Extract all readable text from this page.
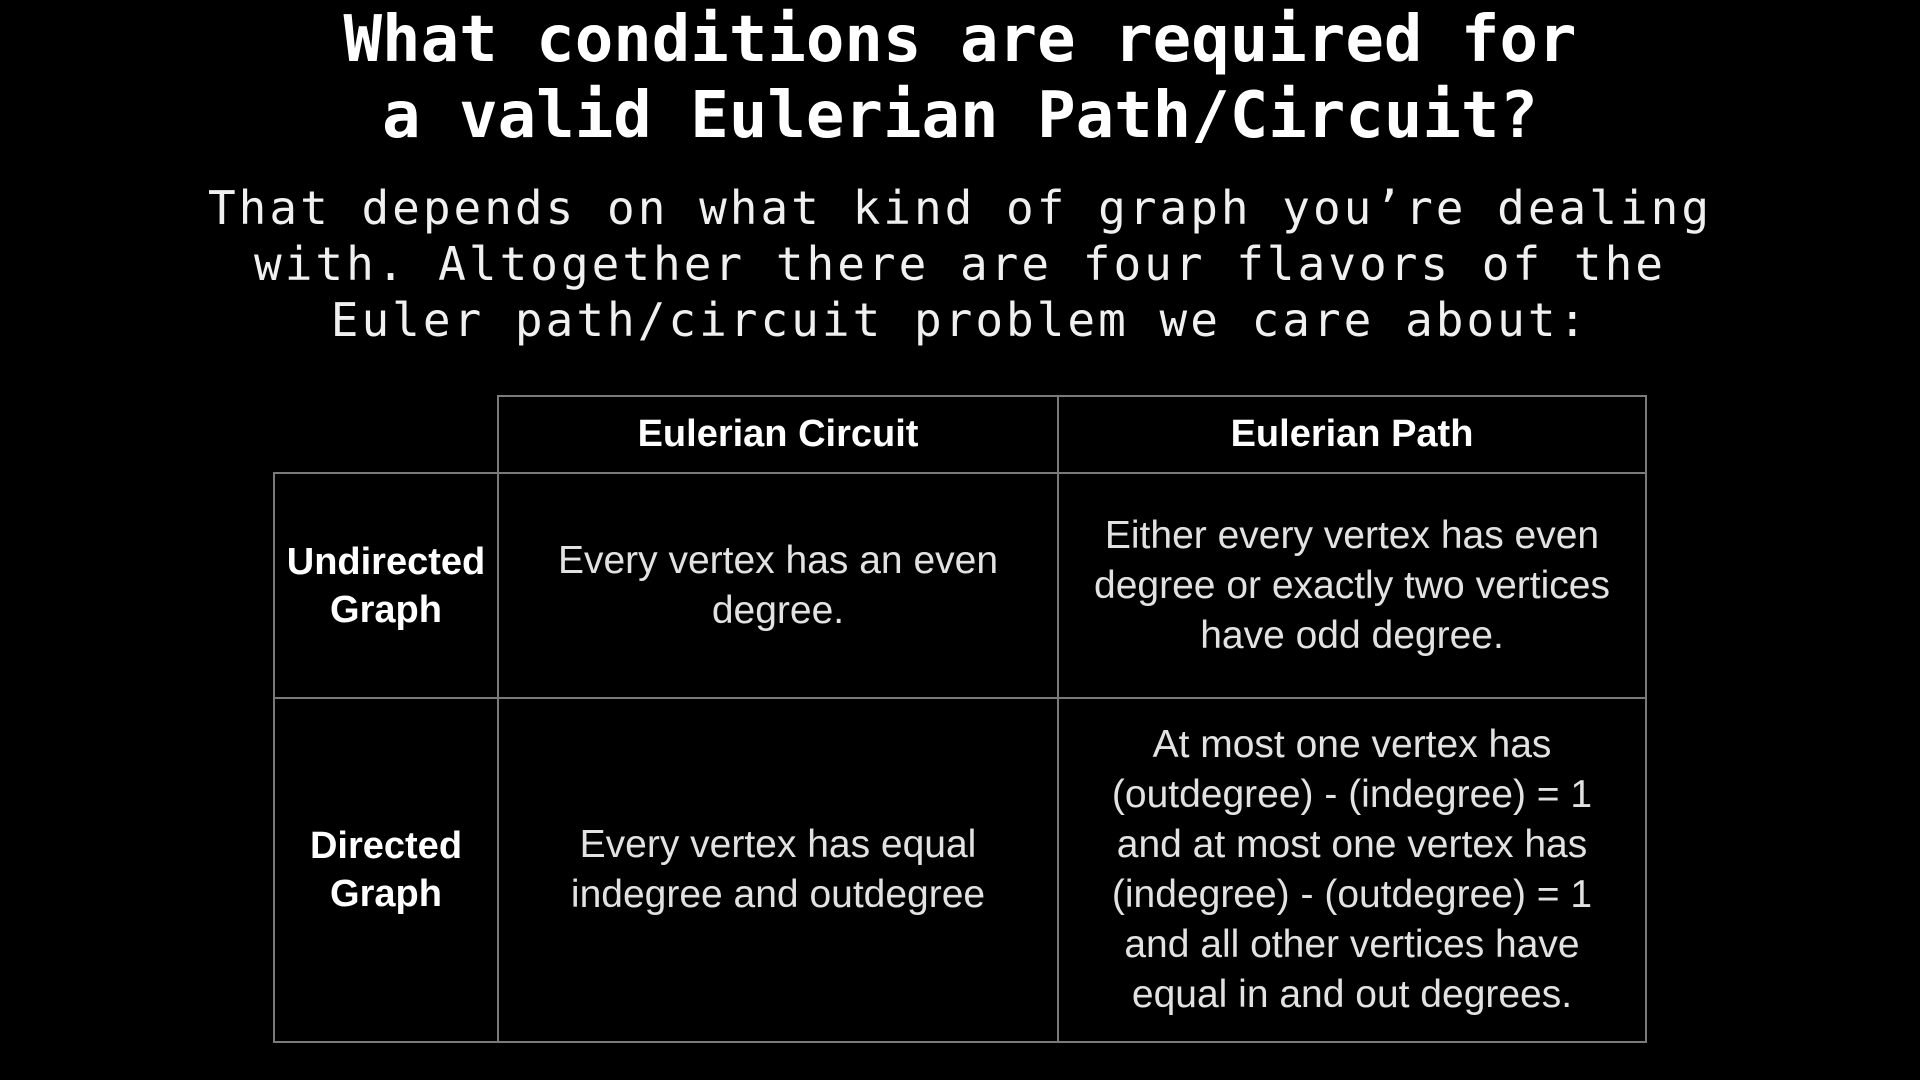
What conditions are required for
a valid Eulerian Path/Circuit?
That depends on what kind of graph you’re dealing
with. Altogether there are four flavors of the
Euler path/circuit problem we care about:
Eulerian Circuit	Eulerian Path
Undirected
Graph
Every vertex has an even
degree.
Either every vertex has even
degree or exactly two vertices
have odd degree.
Directed
Graph
Every vertex has equal
indegree and outdegree
At most one vertex has
(outdegree) - (indegree) = 1
and at most one vertex has
(indegree) - (outdegree) = 1
and all other vertices have
equal in and out degrees.
